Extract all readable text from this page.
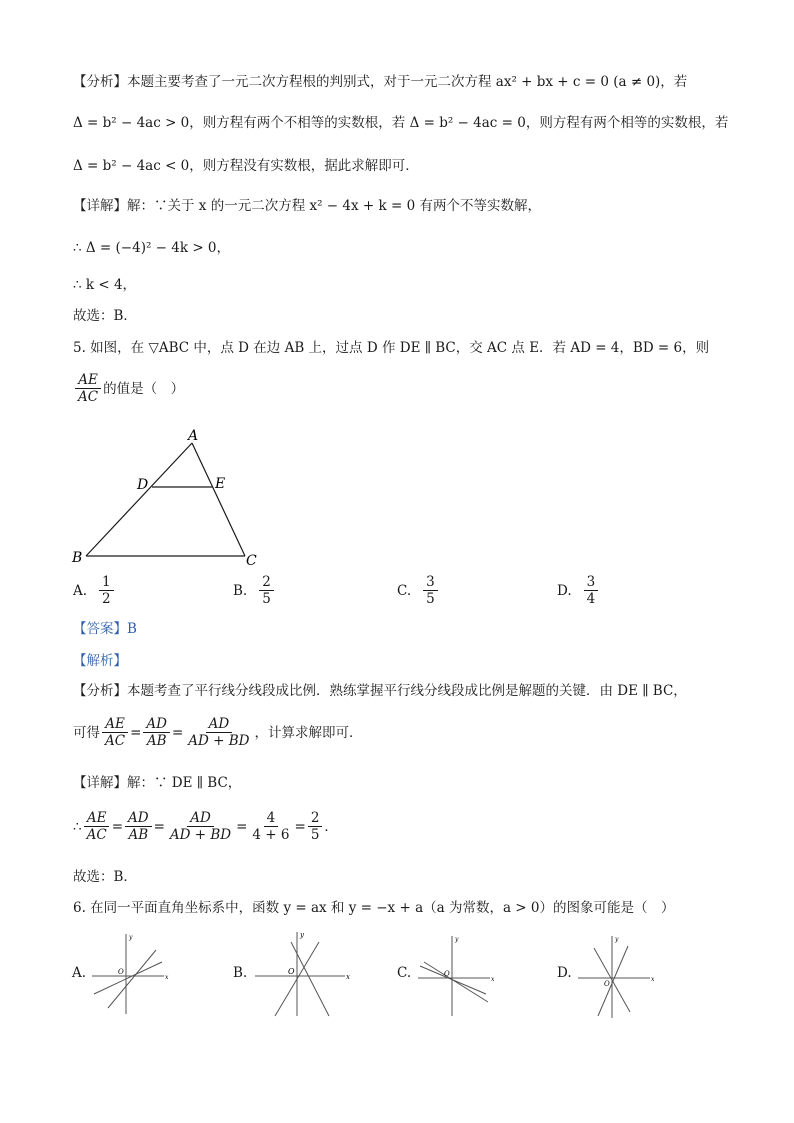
【分析】本题主要考查了一元二次方程根的判别式，对于一元二次方程 ax² + bx + c = 0 (a ≠ 0)，若
Δ = b² − 4ac > 0，则方程有两个不相等的实数根，若 Δ = b² − 4ac = 0，则方程有两个相等的实数根，若
Δ = b² − 4ac < 0，则方程没有实数根，据此求解即可．
【详解】解：∵关于 x 的一元二次方程 x² − 4x + k = 0 有两个不等实数解，
∴ Δ = (−4)² − 4k > 0，
∴ k < 4，
故选：B．
5. 如图，在 ▽ABC 中，点 D 在边 AB 上，过点 D 作 DE ∥ BC，交 AC 点 E．若 AD = 4，BD = 6，则
$\frac{AE}{AC}$ 的值是（　）
A
B	C
D	E
A. $\frac{1}{2}$	B. $\frac{2}{5}$	C. $\frac{3}{5}$	D. $\frac{3}{4}$
【答案】B
【解析】
【分析】本题考查了平行线分线段成比例．熟练掌握平行线分线段成比例是解题的关键．由 DE ∥ BC，
可得 $\frac{AE}{AC} = \frac{AD}{AB} = \frac{AD}{AD + BD}$ ，计算求解即可．
【详解】解：∵ DE ∥ BC，
∴ $\frac{AE}{AC} = \frac{AD}{AB} = \frac{AD}{AD + BD} = \frac{4}{4 + 6} = \frac{2}{5}$ ．
故选：B．
6. 在同一平面直角坐标系中，函数 y = ax 和 y = −x + a（a 为常数，a > 0）的图象可能是（　）
A.
y
x
O	B.
y
x
O	C.
y
x
O	D.
y
x
O
